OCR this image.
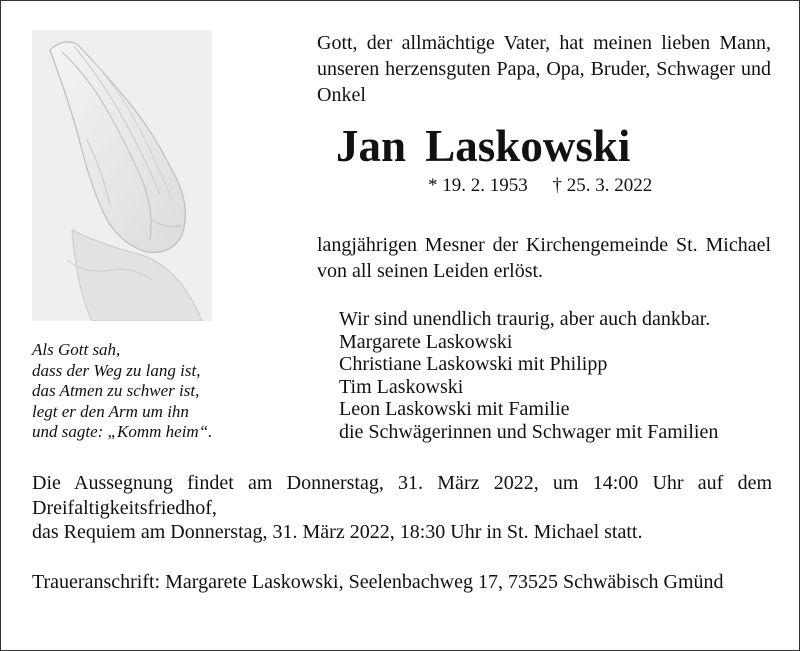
Gott, der allmächtige Vater, hat meinen lieben Mann, unseren herzensguten Papa, Opa, Bruder, Schwager und Onkel
Jan Laskowski
* 19. 2. 1953 † 25. 3. 2022
langjährigen Mesner der Kirchengemeinde St. Michael von all seinen Leiden erlöst.
Als Gott sah,
dass der Weg zu lang ist,
das Atmen zu schwer ist,
legt er den Arm um ihn
und sagte: „Komm heim“.
Wir sind unendlich traurig, aber auch dankbar.
Margarete Laskowski
Christiane Laskowski mit Philipp
Tim Laskowski
Leon Laskowski mit Familie
die Schwägerinnen und Schwager mit Familien
Die Aussegnung findet am Donnerstag, 31. März 2022, um 14:00 Uhr auf dem Dreifaltigkeitsfriedhof,
das Requiem am Donnerstag, 31. März 2022, 18:30 Uhr in St. Michael statt.
Traueranschrift: Margarete Laskowski, Seelenbachweg 17, 73525 Schwäbisch Gmünd
